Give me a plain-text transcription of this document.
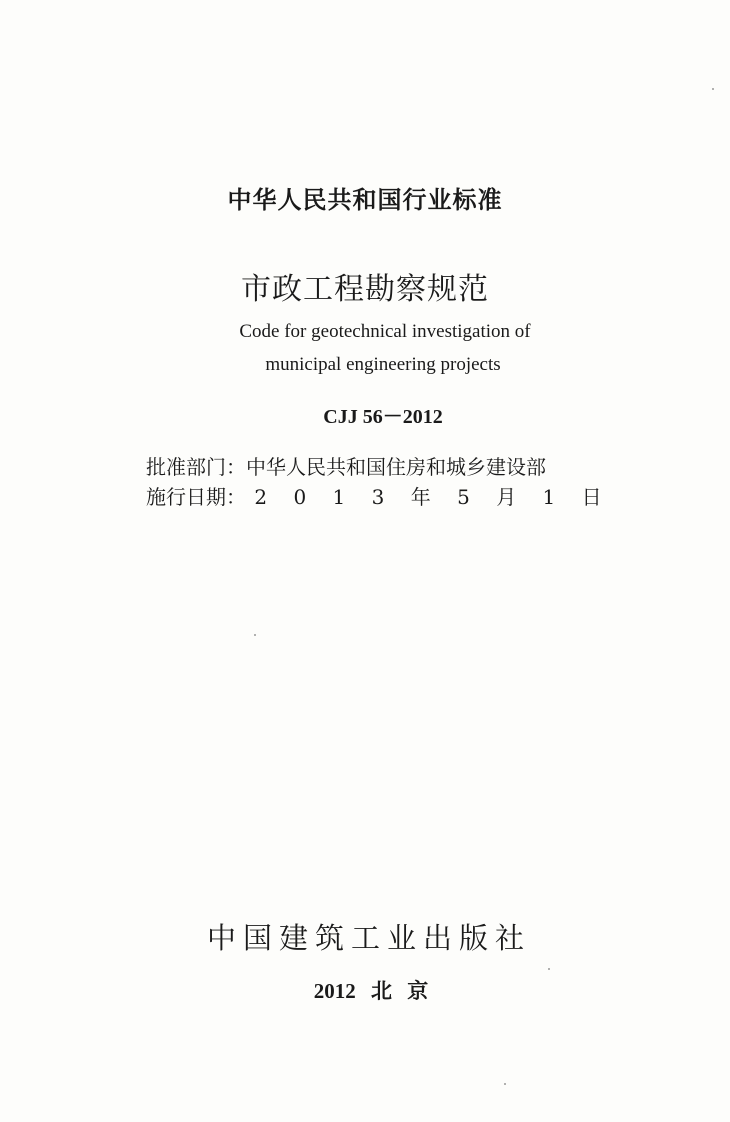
中华人民共和国行业标准
市政工程勘察规范
Code for geotechnical investigation of
municipal engineering projects
CJJ 56－2012
批准部门：中华人民共和国住房和城乡建设部
施行日期： 2 0 1 3 年 5 月 1 日
中国建筑工业出版社
2012 北 京
